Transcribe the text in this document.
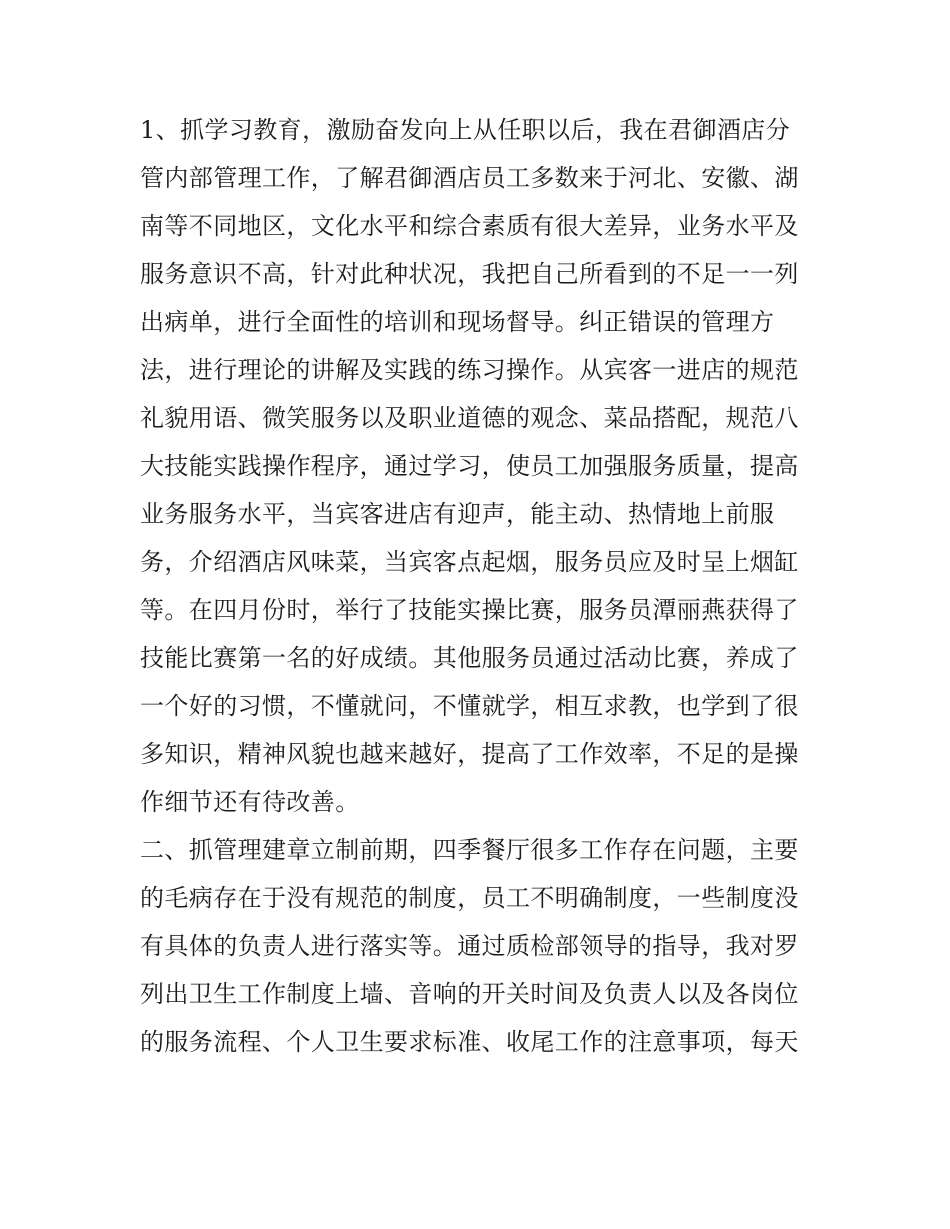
1、抓学习教育，激励奋发向上从任职以后，我在君御酒店分
管内部管理工作，了解君御酒店员工多数来于河北、安徽、湖
南等不同地区，文化水平和综合素质有很大差异，业务水平及
服务意识不高，针对此种状况，我把自己所看到的不足一一列
出病单，进行全面性的培训和现场督导。纠正错误的管理方
法，进行理论的讲解及实践的练习操作。从宾客一进店的规范
礼貌用语、微笑服务以及职业道德的观念、菜品搭配，规范八
大技能实践操作程序，通过学习，使员工加强服务质量，提高
业务服务水平，当宾客进店有迎声，能主动、热情地上前服
务，介绍酒店风味菜，当宾客点起烟，服务员应及时呈上烟缸
等。在四月份时，举行了技能实操比赛，服务员潭丽燕获得了
技能比赛第一名的好成绩。其他服务员通过活动比赛，养成了
一个好的习惯，不懂就问，不懂就学，相互求教，也学到了很
多知识，精神风貌也越来越好，提高了工作效率，不足的是操
作细节还有待改善。
二、抓管理建章立制前期，四季餐厅很多工作存在问题，主要
的毛病存在于没有规范的制度，员工不明确制度，一些制度没
有具体的负责人进行落实等。通过质检部领导的指导，我对罗
列出卫生工作制度上墙、音响的开关时间及负责人以及各岗位
的服务流程、个人卫生要求标准、收尾工作的注意事项，每天
